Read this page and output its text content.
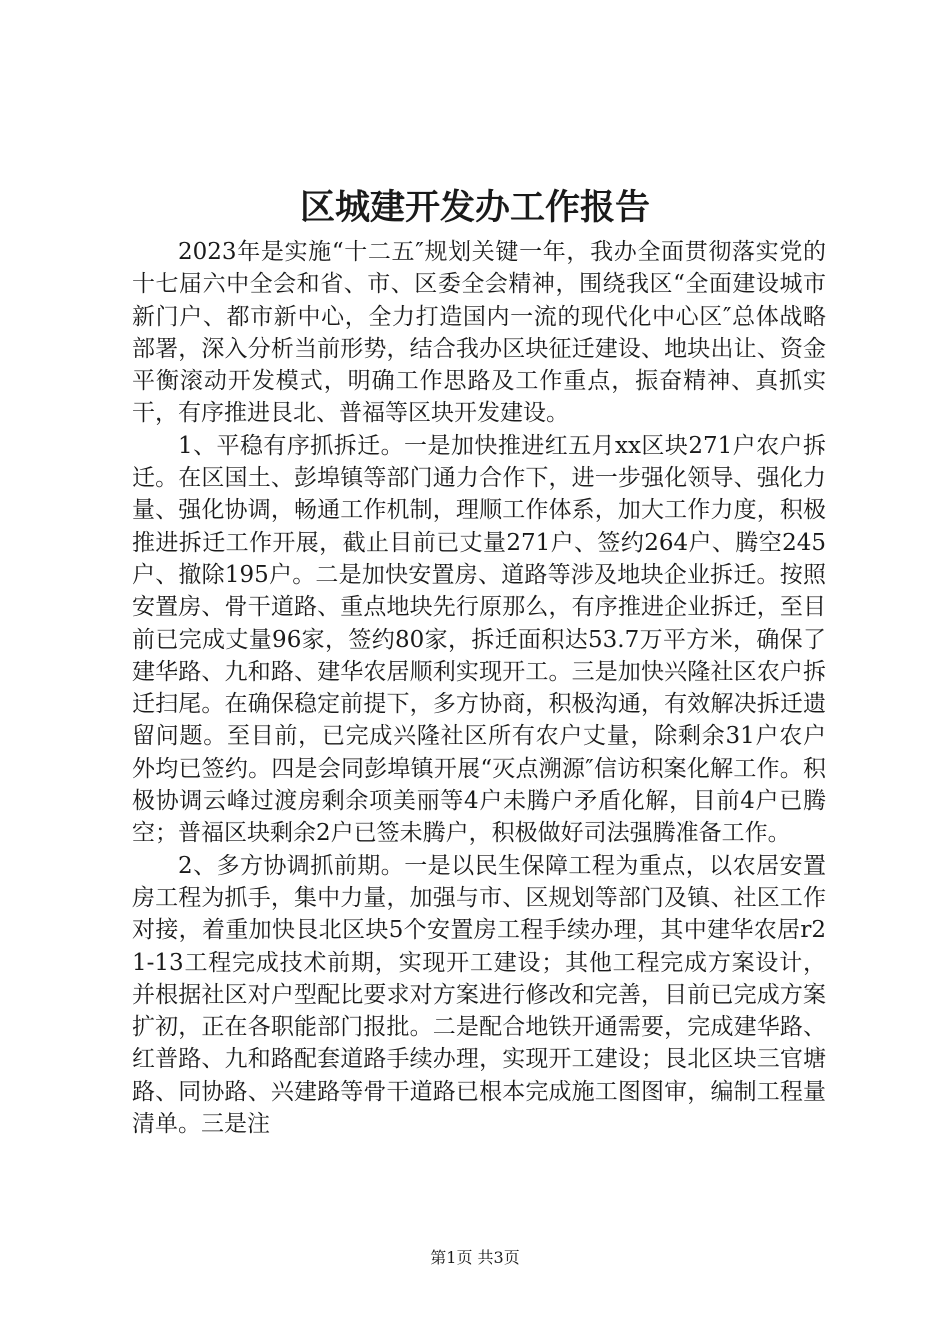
区城建开发办工作报告

2023年是实施“十二五″规划关键一年，我办全面贯彻落实党的十七届六中全会和省、市、区委全会精神，围绕我区“全面建设城市新门户、都市新中心，全力打造国内一流的现代化中心区″总体战略部署，深入分析当前形势，结合我办区块征迁建设、地块出让、资金平衡滚动开发模式，明确工作思路及工作重点，振奋精神、真抓实干，有序推进艮北、普福等区块开发建设。

1、平稳有序抓拆迁。一是加快推进红五月xx区块271户农户拆迁。在区国土、彭埠镇等部门通力合作下，进一步强化领导、强化力量、强化协调，畅通工作机制，理顺工作体系，加大工作力度，积极推进拆迁工作开展，截止目前已丈量271户、签约264户、腾空245户、撤除195户。二是加快安置房、道路等涉及地块企业拆迁。按照安置房、骨干道路、重点地块先行原那么，有序推进企业拆迁，至目前已完成丈量96家，签约80家，拆迁面积达53.7万平方米，确保了建华路、九和路、建华农居顺利实现开工。三是加快兴隆社区农户拆迁扫尾。在确保稳定前提下，多方协商，积极沟通，有效解决拆迁遗留问题。至目前，已完成兴隆社区所有农户丈量，除剩余31户农户外均已签约。四是会同彭埠镇开展“灭点溯源″信访积案化解工作。积极协调云峰过渡房剩余项美丽等4户未腾户矛盾化解，目前4户已腾空；普福区块剩余2户已签未腾户，积极做好司法强腾准备工作。

2、多方协调抓前期。一是以民生保障工程为重点，以农居安置房工程为抓手，集中力量，加强与市、区规划等部门及镇、社区工作对接，着重加快艮北区块5个安置房工程手续办理，其中建华农居r21-13工程完成技术前期，实现开工建设；其他工程完成方案设计，并根据社区对户型配比要求对方案进行修改和完善，目前已完成方案扩初，正在各职能部门报批。二是配合地铁开通需要，完成建华路、红普路、九和路配套道路手续办理，实现开工建设；艮北区块三官塘路、同协路、兴建路等骨干道路已根本完成施工图图审，编制工程量清单。三是注

第1页 共3页
